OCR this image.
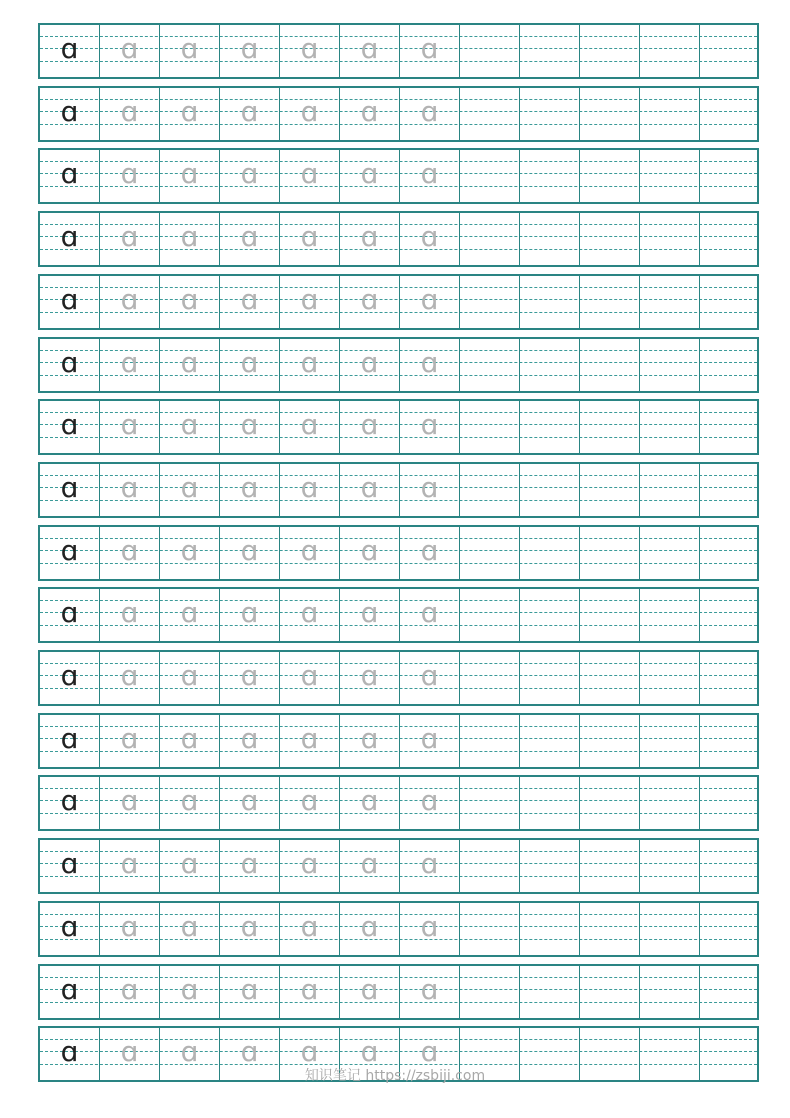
ɑ	ɑ	ɑ	ɑ	ɑ	ɑ	ɑ
ɑ	ɑ	ɑ	ɑ	ɑ	ɑ	ɑ
ɑ	ɑ	ɑ	ɑ	ɑ	ɑ	ɑ
ɑ	ɑ	ɑ	ɑ	ɑ	ɑ	ɑ
ɑ	ɑ	ɑ	ɑ	ɑ	ɑ	ɑ
ɑ	ɑ	ɑ	ɑ	ɑ	ɑ	ɑ
ɑ	ɑ	ɑ	ɑ	ɑ	ɑ	ɑ
ɑ	ɑ	ɑ	ɑ	ɑ	ɑ	ɑ
ɑ	ɑ	ɑ	ɑ	ɑ	ɑ	ɑ
ɑ	ɑ	ɑ	ɑ	ɑ	ɑ	ɑ
ɑ	ɑ	ɑ	ɑ	ɑ	ɑ	ɑ
ɑ	ɑ	ɑ	ɑ	ɑ	ɑ	ɑ
ɑ	ɑ	ɑ	ɑ	ɑ	ɑ	ɑ
ɑ	ɑ	ɑ	ɑ	ɑ	ɑ	ɑ
ɑ	ɑ	ɑ	ɑ	ɑ	ɑ	ɑ
ɑ	ɑ	ɑ	ɑ	ɑ	ɑ	ɑ
ɑ	ɑ	ɑ	ɑ	ɑ	ɑ	ɑ
知识笔记 https://zsbiji.com
